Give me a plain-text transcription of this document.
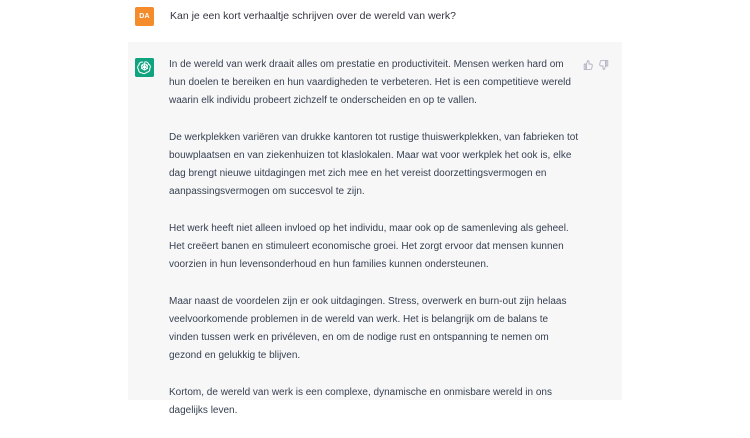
DA	Kan je een kort verhaaltje schrijven over de wereld van werk?

In de wereld van werk draait alles om prestatie en productiviteit. Mensen werken hard om hun doelen te bereiken en hun vaardigheden te verbeteren. Het is een competitieve wereld waarin elk individu probeert zichzelf te onderscheiden en op te vallen.

De werkplekken variëren van drukke kantoren tot rustige thuiswerkplekken, van fabrieken tot bouwplaatsen en van ziekenhuizen tot klaslokalen. Maar wat voor werkplek het ook is, elke dag brengt nieuwe uitdagingen met zich mee en het vereist doorzettingsvermogen en aanpassingsvermogen om succesvol te zijn.

Het werk heeft niet alleen invloed op het individu, maar ook op de samenleving als geheel. Het creëert banen en stimuleert economische groei. Het zorgt ervoor dat mensen kunnen voorzien in hun levensonderhoud en hun families kunnen ondersteunen.

Maar naast de voordelen zijn er ook uitdagingen. Stress, overwerk en burn-out zijn helaas veelvoorkomende problemen in de wereld van werk. Het is belangrijk om de balans te vinden tussen werk en privéleven, en om de nodige rust en ontspanning te nemen om gezond en gelukkig te blijven.

Kortom, de wereld van werk is een complexe, dynamische en onmisbare wereld in ons dagelijks leven.
